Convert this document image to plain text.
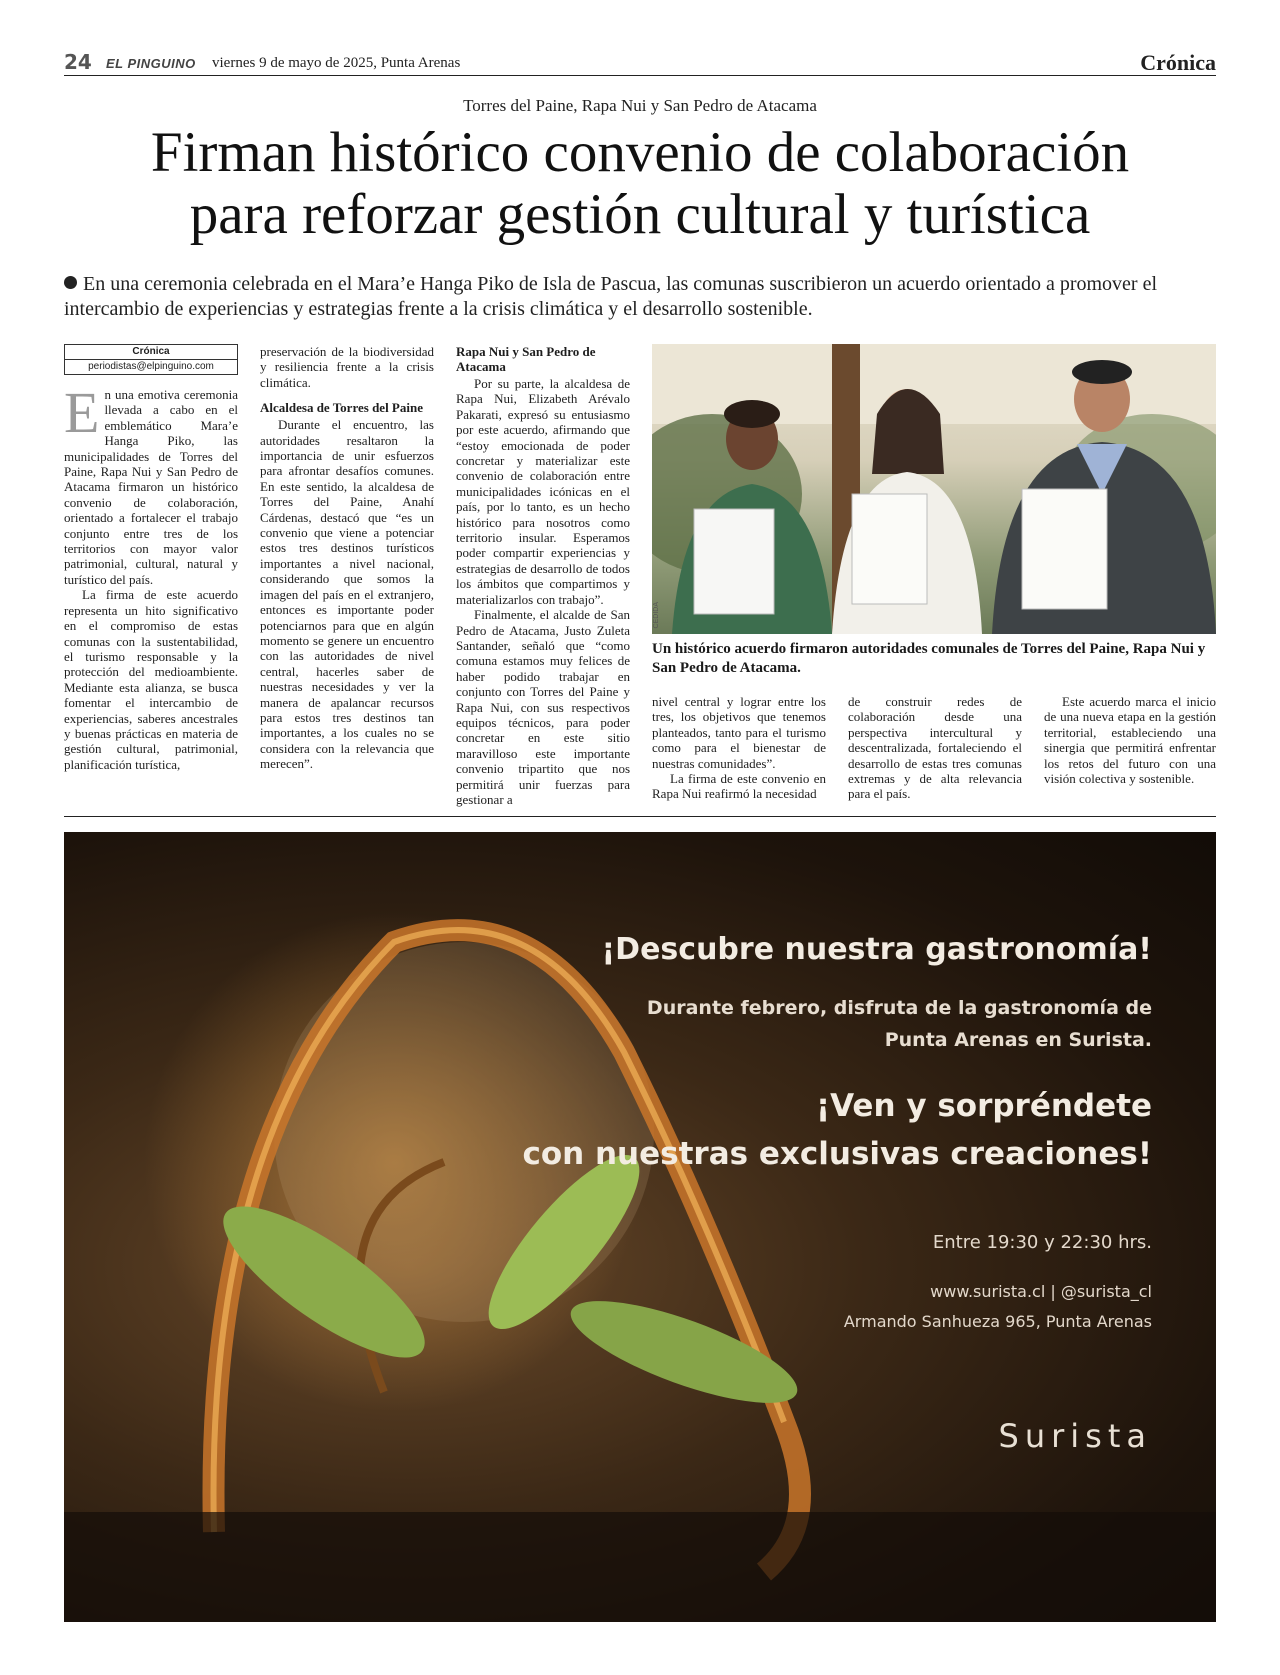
24 EL PINGUINO viernes 9 de mayo de 2025, Punta Arenas	Crónica
Torres del Paine, Rapa Nui y San Pedro de Atacama
Firman histórico convenio de colaboración
para reforzar gestión cultural y turística
En una ceremonia celebrada en el Mara’e Hanga Piko de Isla de Pascua, las comunas suscribieron un acuerdo orientado a promover el intercambio de experiencias y estrategias frente a la crisis climática y el desarrollo sostenible.
Crónica
periodistas@elpinguino.com

En una emotiva ceremonia llevada a cabo en el emblemático Mara’e Hanga Piko, las municipalidades de Torres del Paine, Rapa Nui y San Pedro de Atacama firmaron un histórico convenio de colaboración, orientado a fortalecer el trabajo conjunto entre tres de los territorios con mayor valor patrimonial, cultural, natural y turístico del país.

La firma de este acuerdo representa un hito significativo en el compromiso de estas comunas con la sustentabilidad, el turismo responsable y la protección del medioambiente. Mediante esta alianza, se busca fomentar el intercambio de experiencias, saberes ancestrales y buenas prácticas en materia de gestión cultural, patrimonial, planificación turística,

preservación de la biodiversidad y resiliencia frente a la crisis climática.

Alcaldesa de Torres del Paine

Durante el encuentro, las autoridades resaltaron la importancia de unir esfuerzos para afrontar desafíos comunes. En este sentido, la alcaldesa de Torres del Paine, Anahí Cárdenas, destacó que “es un convenio que viene a potenciar estos tres destinos turísticos importantes a nivel nacional, considerando que somos la imagen del país en el extranjero, entonces es importante poder potenciarnos para que en algún momento se genere un encuentro con las autoridades de nivel central, hacerles saber de nuestras necesidades y ver la manera de apalancar recursos para estos tres destinos tan importantes, a los cuales no se considera con la relevancia que merecen”.

Rapa Nui y San Pedro de Atacama

Por su parte, la alcaldesa de Rapa Nui, Elizabeth Arévalo Pakarati, expresó su entusiasmo por este acuerdo, afirmando que “estoy emocionada de poder concretar y materializar este convenio de colaboración entre municipalidades icónicas en el país, por lo tanto, es un hecho histórico para nosotros como territorio insular. Esperamos poder compartir experiencias y estrategias de desarrollo de todos los ámbitos que compartimos y materializarlos con trabajo”.

Finalmente, el alcalde de San Pedro de Atacama, Justo Zuleta Santander, señaló que “como comuna estamos muy felices de haber podido trabajar en conjunto con Torres del Paine y Rapa Nui, con sus respectivos equipos técnicos, para poder concretar en este sitio maravilloso este importante convenio tripartito que nos permitirá unir fuerzas para gestionar a

CEDIDA
Un histórico acuerdo firmaron autoridades comunales de Torres del Paine, Rapa Nui y San Pedro de Atacama.

nivel central y lograr entre los tres, los objetivos que tenemos planteados, tanto para el turismo como para el bienestar de nuestras comunidades”.

La firma de este convenio en Rapa Nui reafirmó la necesidad

de construir redes de colaboración desde una perspectiva intercultural y descentralizada, fortaleciendo el desarrollo de estas tres comunas extremas y de alta relevancia para el país.

Este acuerdo marca el inicio de una nueva etapa en la gestión territorial, estableciendo una sinergia que permitirá enfrentar los retos del futuro con una visión colectiva y sostenible.

¡Descubre nuestra gastronomía!
Durante febrero, disfruta de la gastronomía de
Punta Arenas en Surista.
¡Ven y sorpréndete
con nuestras exclusivas creaciones!
Entre 19:30 y 22:30 hrs.
www.surista.cl | @surista_cl
Armando Sanhueza 965, Punta Arenas
Surista
